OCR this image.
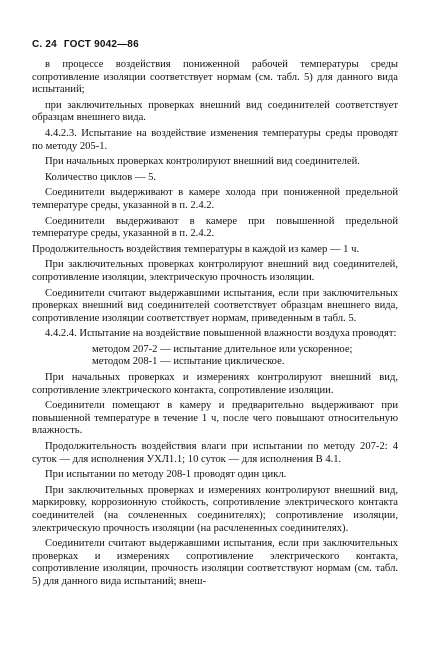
С. 24 ГОСТ 9042—86

в процессе воздействия пониженной рабочей температуры среды сопротивление изоляции соответствует нормам (см. табл. 5) для данного вида испытаний;

при заключительных проверках внешний вид соединителей соответствует образцам внешнего вида.

4.4.2.3. Испытание на воздействие изменения температуры среды проводят по методу 205-1.

При начальных проверках контролируют внешний вид соединителей.

Количество циклов — 5.

Соединители выдерживают в камере холода при пониженной предельной температуре среды, указанной в п. 2.4.2.

Соединители выдерживают в камере при повышенной предельной температуре среды, указанной в п. 2.4.2.

Продолжительность воздействия температуры в каждой из камер — 1 ч.

При заключительных проверках контролируют внешний вид соединителей, сопротивление изоляции, электрическую прочность изоляции.

Соединители считают выдержавшими испытания, если при заключительных проверках внешний вид соединителей соответствует образцам внешнего вида, сопротивление изоляции соответствует нормам, приведенным в табл. 5.

4.4.2.4. Испытание на воздействие повышенной влажности воздуха проводят:

методом 207-2 — испытание длительное или ускоренное;

методом 208-1 — испытание циклическое.

При начальных проверках и измерениях контролируют внешний вид, сопротивление электрического контакта, сопротивление изоляции.

Соединители помещают в камеру и предварительно выдерживают при повышенной температуре в течение 1 ч, после чего повышают относительную влажность.

Продолжительность воздействия влаги при испытании по методу 207-2: 4 суток — для исполнения УХЛ1.1; 10 суток — для исполнения В 4.1.

При испытании по методу 208-1 проводят один цикл.

При заключительных проверках и измерениях контролируют внешний вид, маркировку, коррозионную стойкость, сопротивление электрического контакта соединителей (на сочлененных соединителях); сопротивление изоляции, электрическую прочность изоляции (на расчлененных соединителях).

Соединители считают выдержавшими испытания, если при заключительных проверках и измерениях сопротивление электрического контакта, сопротивление изоляции, прочность изоляции соответствуют нормам (см. табл. 5) для данного вида испытаний; внеш-
